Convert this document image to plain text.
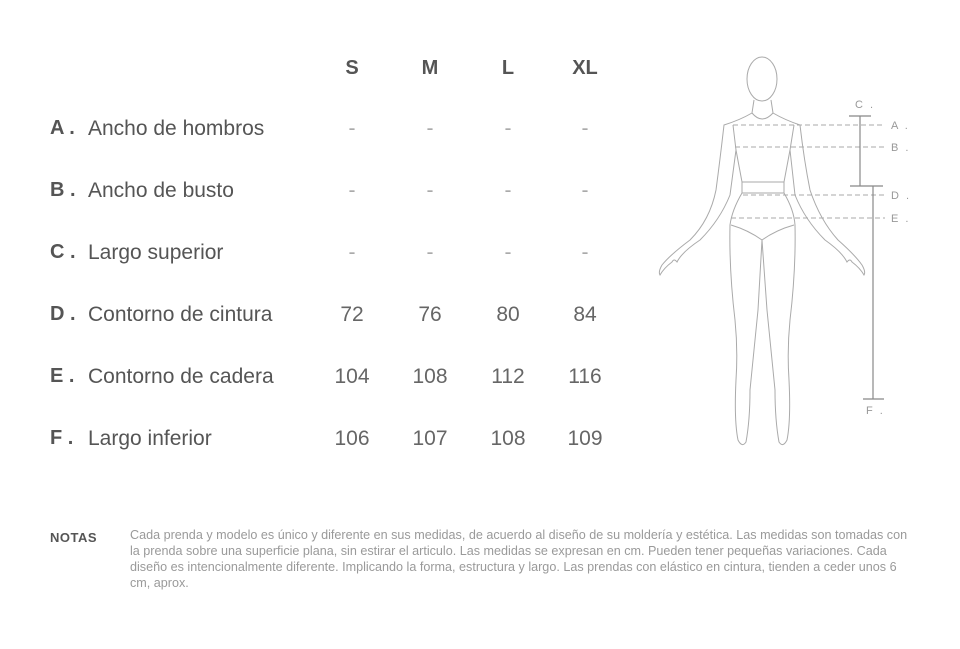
S	M	L	XL
A . Ancho de hombros	-	-	-	-
B . Ancho de busto	-	-	-	-
C . Largo superior	-	-	-	-
D . Contorno de cintura	72	76	80	84
E . Contorno de cadera	104	108	112	116
F . Largo inferior	106	107	108	109
C .
A .
B .
D .
E .
F .
NOTAS	Cada prenda y modelo es único y diferente en sus medidas, de acuerdo al diseño de su moldería y estética. Las medidas son tomadas con la prenda sobre una superficie plana, sin estirar el articulo. Las medidas se expresan en cm. Pueden tener pequeñas variaciones. Cada diseño es intencionalmente diferente. Implicando la forma, estructura y largo. Las prendas con elástico en cintura, tienden a ceder unos 6 cm, aprox.
